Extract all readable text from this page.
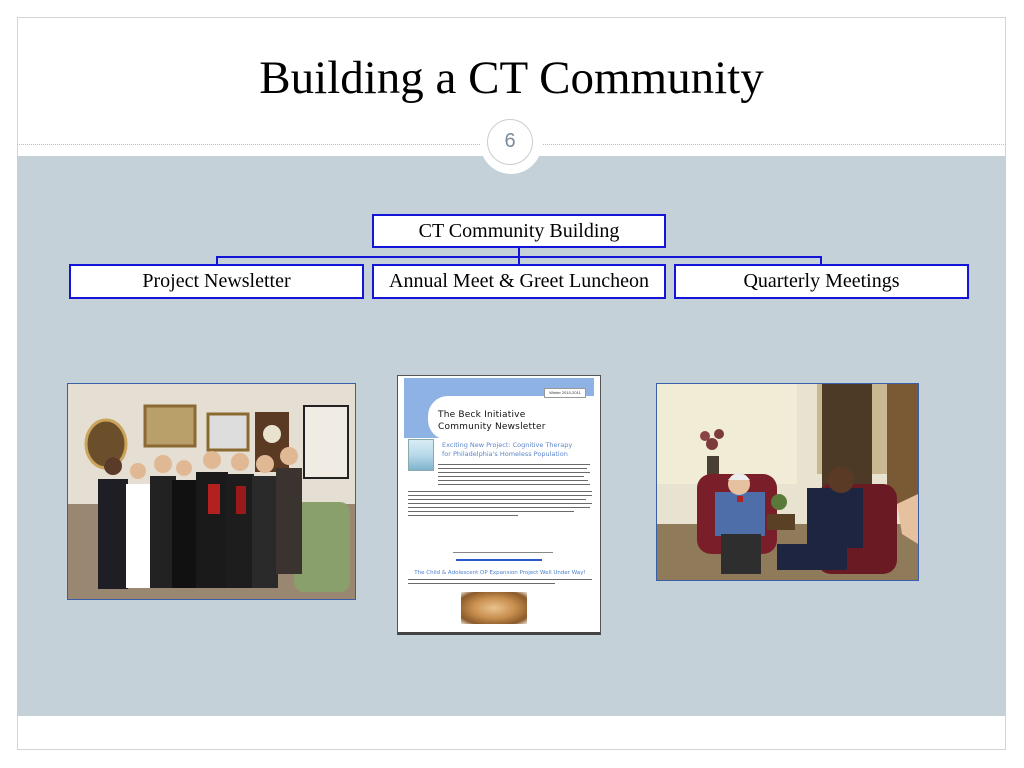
Building a CT Community
6
CT Community Building
Project Newsletter	Annual Meet & Greet Luncheon	Quarterly Meetings
Winter 2010-2011
The Beck Initiative
Community Newsletter
Exciting New Project: Cognitive Therapy
for Philadelphia's Homeless Population
The Child & Adolescent OP Expansion Project Well Under Way!
